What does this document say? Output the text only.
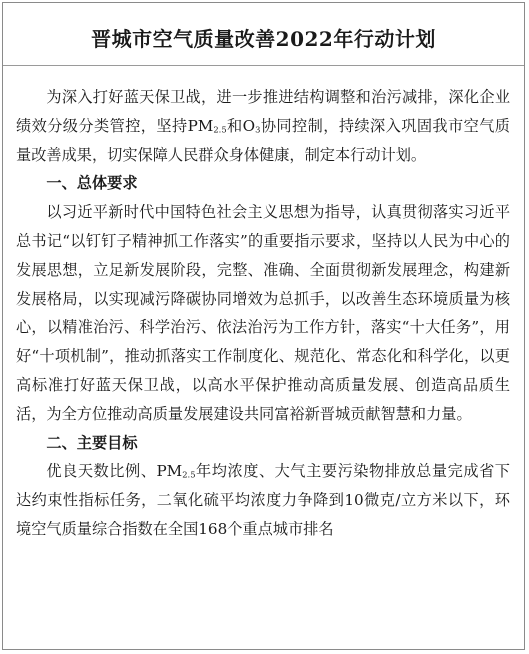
晋城市空气质量改善2022年行动计划

为深入打好蓝天保卫战，进一步推进结构调整和治污减排，深化企业绩效分级分类管控，坚持$PM_{2.5}$和$O_3$协同控制，持续深入巩固我市空气质量改善成果，切实保障人民群众身体健康，制定本行动计划。

一、总体要求

以习近平新时代中国特色社会主义思想为指导，认真贯彻落实习近平总书记“以钉钉子精神抓工作落实”的重要指示要求，坚持以人民为中心的发展思想，立足新发展阶段，完整、准确、全面贯彻新发展理念，构建新发展格局，以实现减污降碳协同增效为总抓手，以改善生态环境质量为核心，以精准治污、科学治污、依法治污为工作方针，落实“十大任务”，用好“十项机制”，推动抓落实工作制度化、规范化、常态化和科学化，以更高标准打好蓝天保卫战，以高水平保护推动高质量发展、创造高品质生活，为全方位推动高质量发展建设共同富裕新晋城贡献智慧和力量。

二、主要目标

优良天数比例、$PM_{2.5}$年均浓度、大气主要污染物排放总量完成省下达约束性指标任务，二氧化硫平均浓度力争降到10微克/立方米以下，环境空气质量综合指数在全国168个重点城市排名
